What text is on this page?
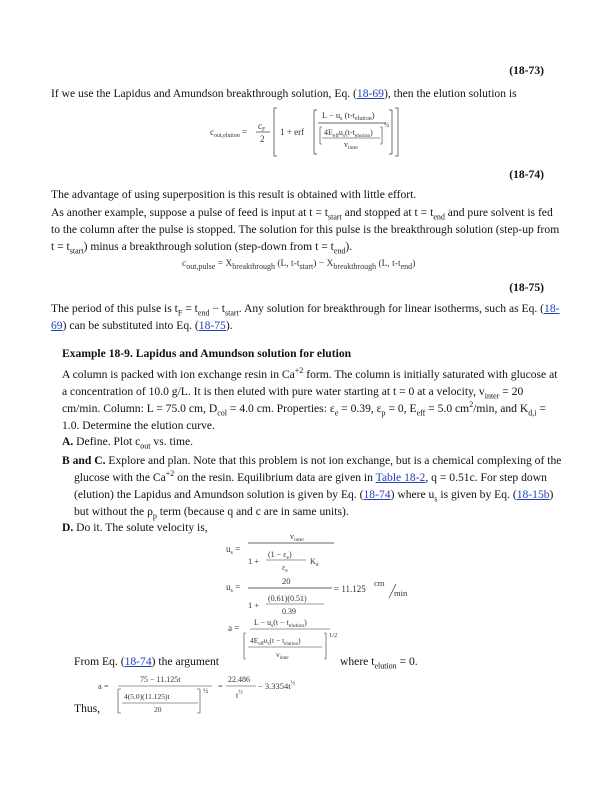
(18-73)
If we use the Lapidus and Amundson breakthrough solution, Eq. (18-69), then the elution solution is
$c_{out,elution}$ =
$c_F$
2
1 + erf
$L - u_s$ $(t-t_{elution})$
$4E_{eff}u_s(t-t_{elution})$
$v_{inter}$
½
(18-74)
The advantage of using superposition is this result is obtained with little effort.
As another example, suppose a pulse of feed is input at $t = t_{start}$ and stopped at $t = t_{end}$ and pure solvent is fed to the column after the pulse is stopped. The solution for this pulse is the breakthrough solution (step-up from $t = t_{start}$) minus a breakthrough solution (step-down from $t = t_{end}$).
$c_{out,pulse} = X_{breakthrough}$ (L, $t-t_{start}) - X_{breakthrough}$ (L, $t-t_{end}$)
(18-75)
The period of this pulse is $t_F = t_{end} - t_{start}$. Any solution for breakthrough for linear isotherms, such as Eq. (18-69) can be substituted into Eq. (18-75).
Example 18-9. Lapidus and Amundson solution for elution
A column is packed with ion exchange resin in $Ca^{+2}$ form. The column is initially saturated with glucose at a concentration of 10.0 g/L. It is then eluted with pure water starting at t = 0 at a velocity, $v_{inter} = 20$ cm/min. Column: L = 75.0 cm, $D_{col} = 4.0$ cm. Properties: $\varepsilon_e = 0.39$, $\varepsilon_p = 0$, $E_{eff} = 5.0$ $cm^2/\min$, and $K_{d,i} = 1.0$. Determine the elution curve.
A. Define. Plot $c_{out}$ vs. time.
B and C. Explore and plan. Note that this problem is not ion exchange, but is a chemical complexing of the glucose with the $Ca^{+2}$ on the resin. Equilibrium data are given in Table 18-2, q = 0.51c. For step down (elution) the Lapidus and Amundson solution is given by Eq. (18-74) where $u_s$ is given by Eq. (18-15b) but without the $\rho_p$ term (because q and c are in same units).
D. Do it. The solute velocity is,
$u_s$ =
$v_{inter}$
1 +
$(1 - \varepsilon_e)$
$\varepsilon_e$
$K_d$
$u_s$ =
20
1 +
(0.61)(0.51)
0.39
= 11.125
cm
min
a =
$L - u_s(t - t_{elution})$
$4E_{eff}u_s(t - t_{elution})$
$v_{inter}$
1/2
From Eq. (18-74) the argument	where $t_{elution} = 0$.
a =
75 − 11.125t
4(5.0)(11.125)t
20
½ =
22.486
$t^{\frac{1}{2}}$
− $3.3354t^{\frac{1}{2}}$
Thus,
